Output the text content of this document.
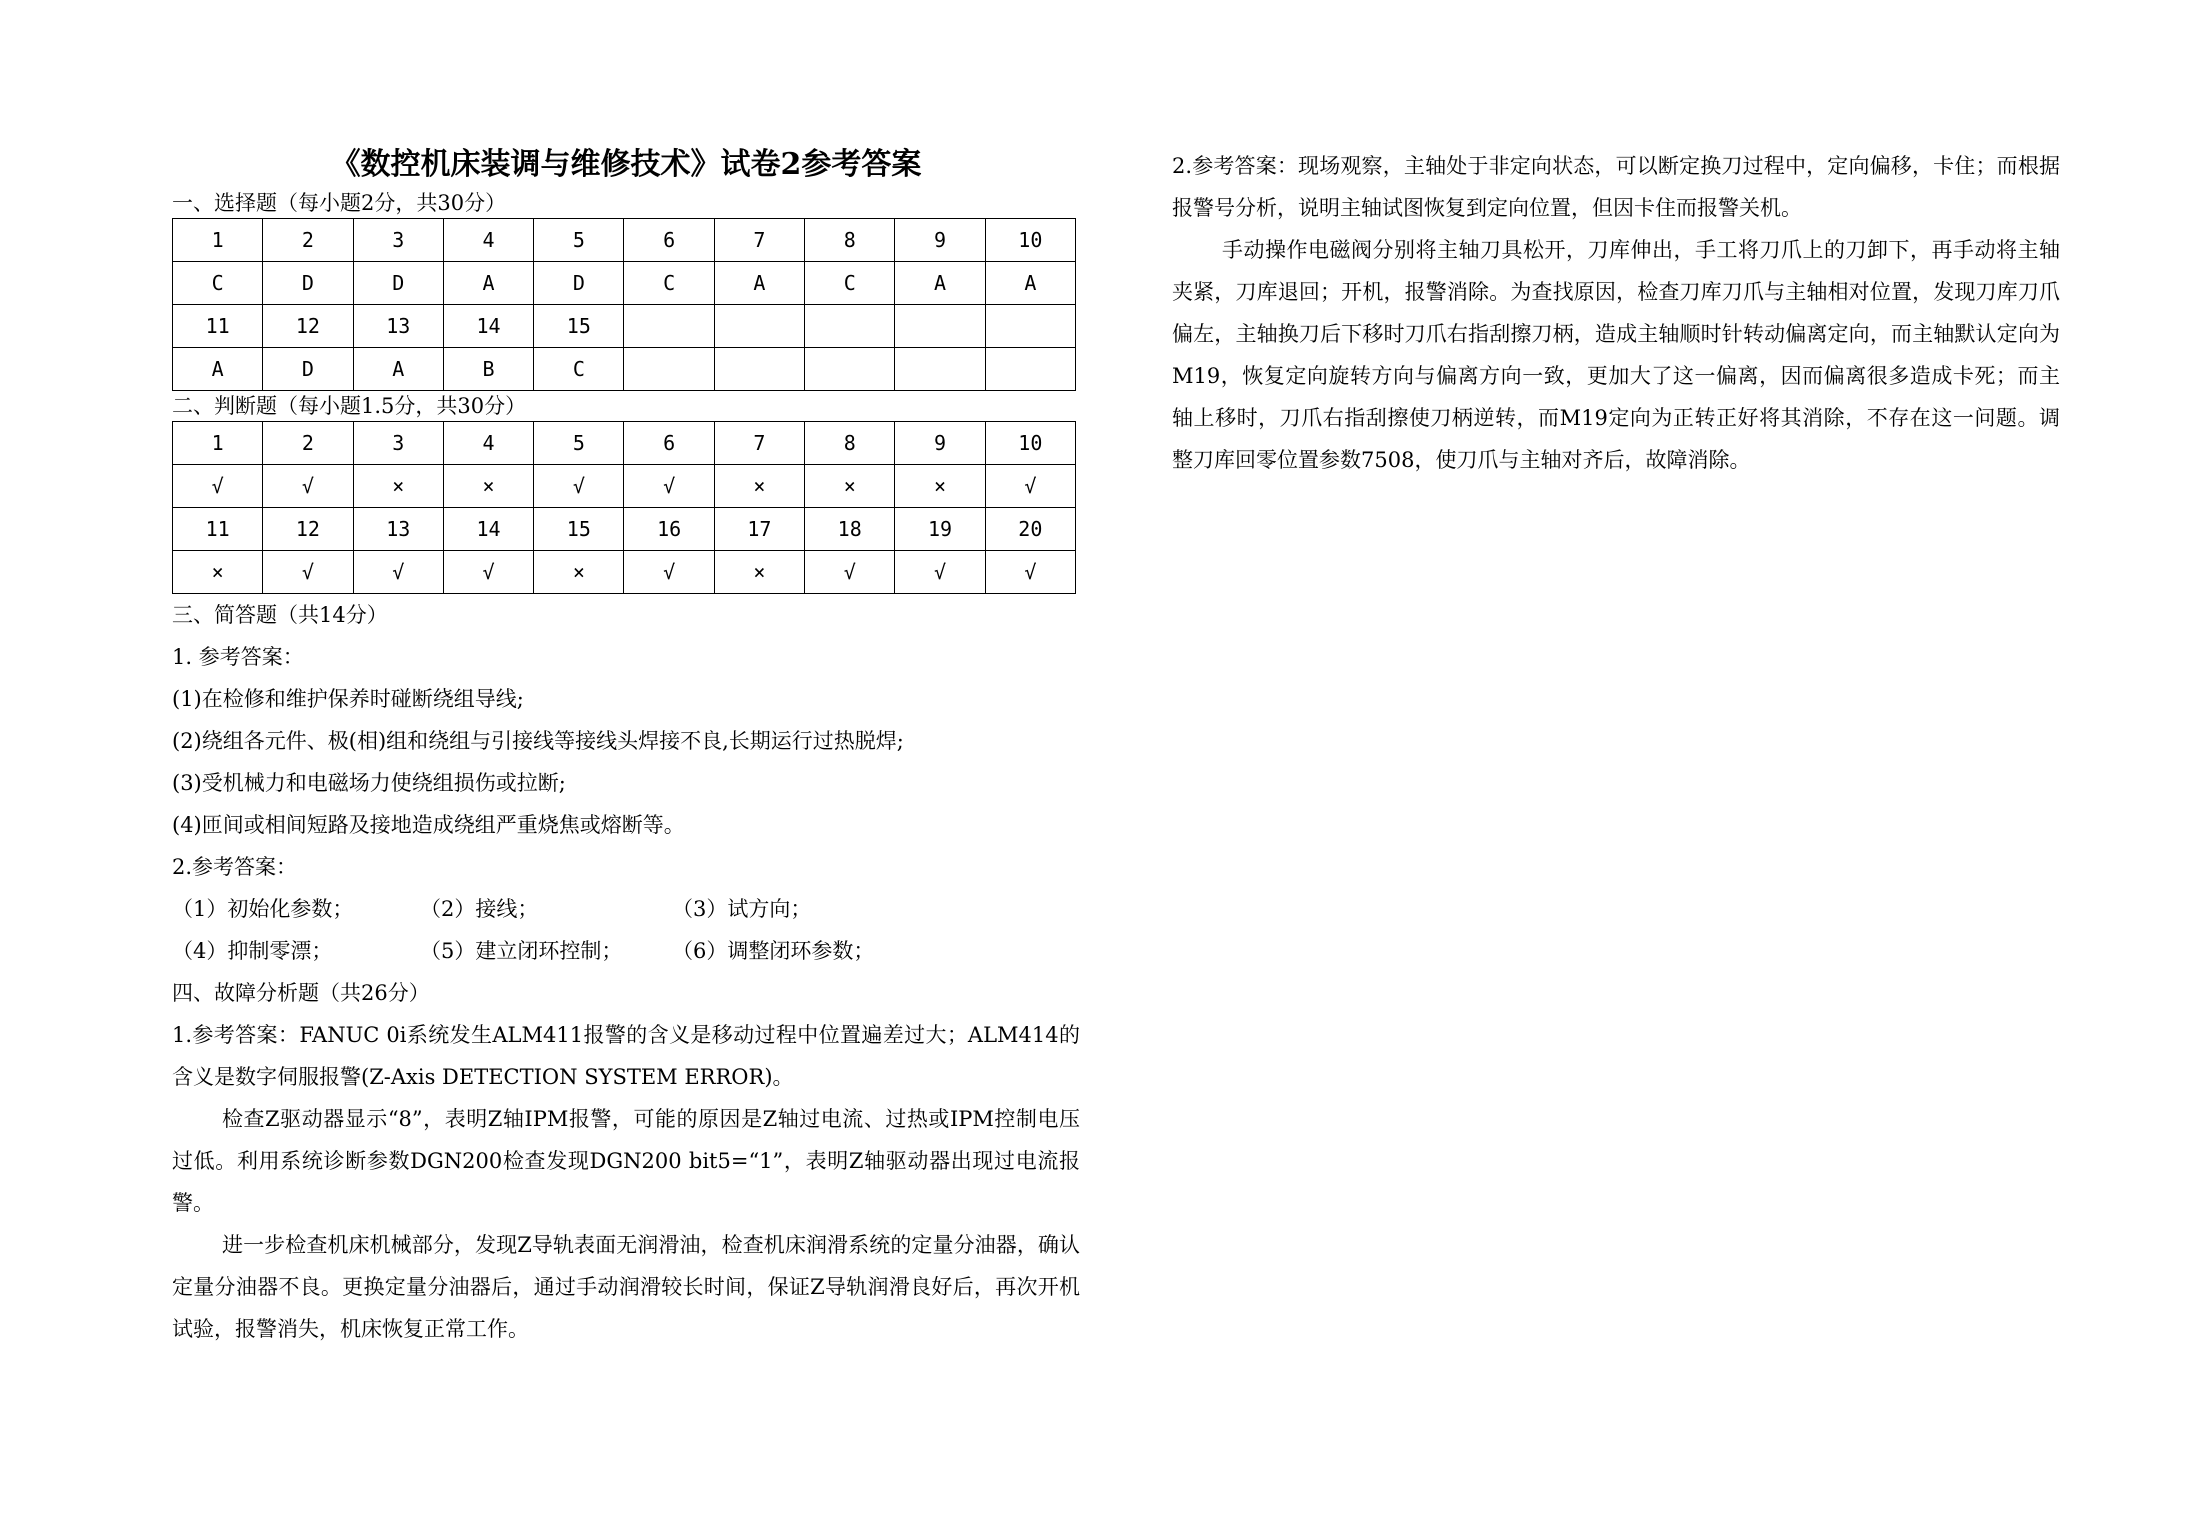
《数控机床装调与维修技术》试卷2参考答案
一、选择题（每小题2分，共30分）
1	2	3	4	5	6	7	8	9	10
C	D	D	A	D	C	A	C	A	A
11	12	13	14	15					
A	D	A	B	C					
二、判断题（每小题1.5分，共30分）
1	2	3	4	5	6	7	8	9	10
√	√	×	×	√	√	×	×	×	√
11	12	13	14	15	16	17	18	19	20
×	√	√	√	×	√	×	√	√	√
三、简答题（共14分）
1. 参考答案：
(1)在检修和维护保养时碰断绕组导线;
(2)绕组各元件、极(相)组和绕组与引接线等接线头焊接不良,长期运行过热脱焊;
(3)受机械力和电磁场力使绕组损伤或拉断;
(4)匝间或相间短路及接地造成绕组严重烧焦或熔断等。
2.参考答案：
（1）初始化参数；	（2）接线；	（3）试方向；
（4）抑制零漂；	（5）建立闭环控制；	（6）调整闭环参数；
四、故障分析题（共26分）

1.参考答案：FANUC 0i系统发生ALM411报警的含义是移动过程中位置遍差过大；ALM414的含义是数字伺服报警(Z-Axis DETECTION SYSTEM ERROR)。

检查Z驱动器显示“8”，表明Z轴IPM报警，可能的原因是Z轴过电流、过热或IPM控制电压过低。利用系统诊断参数DGN200检查发现DGN200 bit5=“1”，表明Z轴驱动器出现过电流报警。

进一步检查机床机械部分，发现Z导轨表面无润滑油，检查机床润滑系统的定量分油器，确认定量分油器不良。更换定量分油器后，通过手动润滑较长时间，保证Z导轨润滑良好后，再次开机试验，报警消失，机床恢复正常工作。

2.参考答案：现场观察，主轴处于非定向状态，可以断定换刀过程中，定向偏移，卡住；而根据报警号分析，说明主轴试图恢复到定向位置，但因卡住而报警关机。

手动操作电磁阀分别将主轴刀具松开，刀库伸出，手工将刀爪上的刀卸下，再手动将主轴夹紧，刀库退回；开机，报警消除。为查找原因，检查刀库刀爪与主轴相对位置，发现刀库刀爪偏左，主轴换刀后下移时刀爪右指刮擦刀柄，造成主轴顺时针转动偏离定向，而主轴默认定向为M19，恢复定向旋转方向与偏离方向一致，更加大了这一偏离，因而偏离很多造成卡死；而主轴上移时，刀爪右指刮擦使刀柄逆转，而M19定向为正转正好将其消除，不存在这一问题。调整刀库回零位置参数7508，使刀爪与主轴对齐后，故障消除。
